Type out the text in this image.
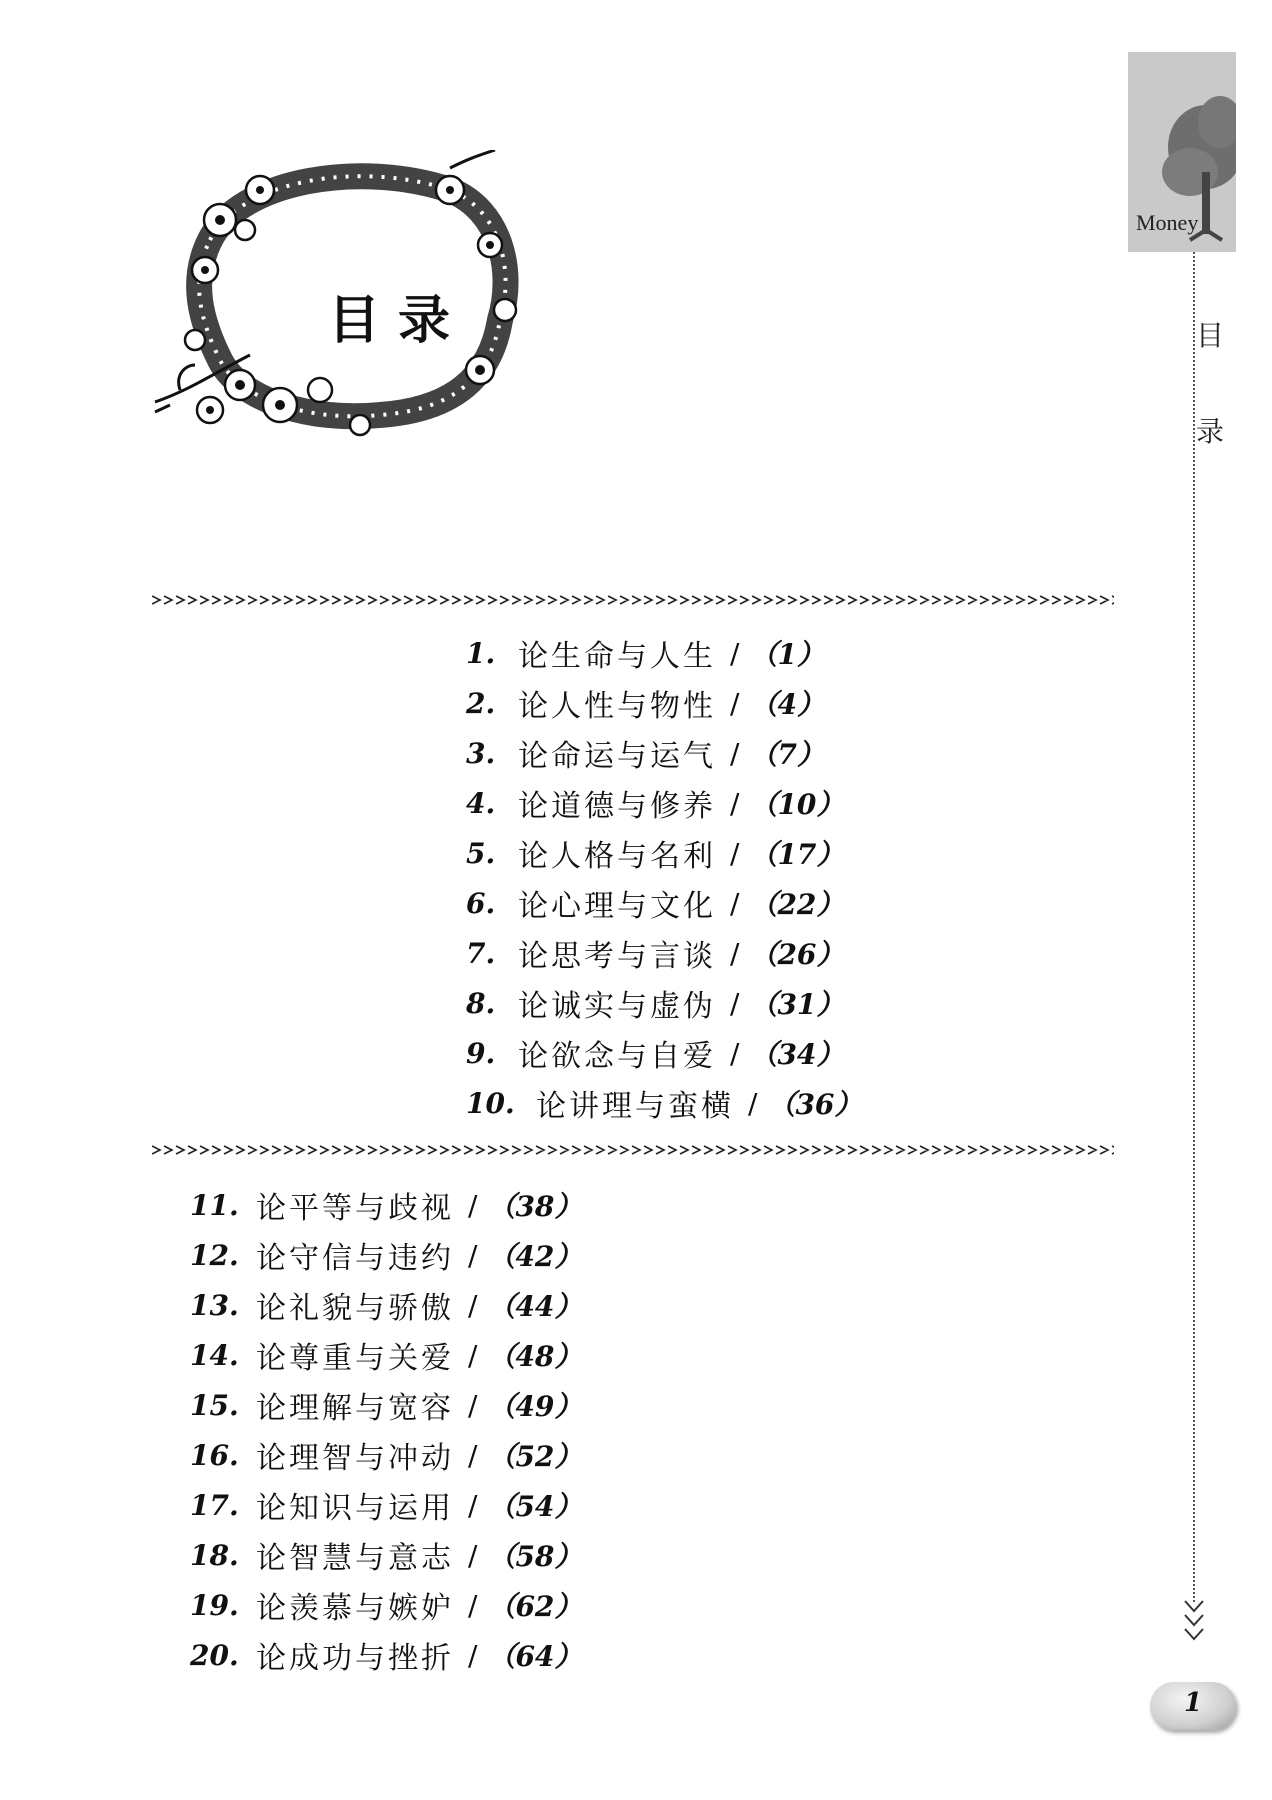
目录
1. 论生命与人生 / （1）
2. 论人性与物性 / （4）
3. 论命运与运气 / （7）
4. 论道德与修养 / （10）
5. 论人格与名利 / （17）
6. 论心理与文化 / （22）
7. 论思考与言谈 / （26）
8. 论诚实与虚伪 / （31）
9. 论欲念与自爱 / （34）
10. 论讲理与蛮横 / （36）
11. 论平等与歧视 / （38）
12. 论守信与违约 / （42）
13. 论礼貌与骄傲 / （44）
14. 论尊重与关爱 / （48）
15. 论理解与宽容 / （49）
16. 论理智与冲动 / （52）
17. 论知识与运用 / （54）
18. 论智慧与意志 / （58）
19. 论羡慕与嫉妒 / （62）
20. 论成功与挫折 / （64）
Money
目
录
1
